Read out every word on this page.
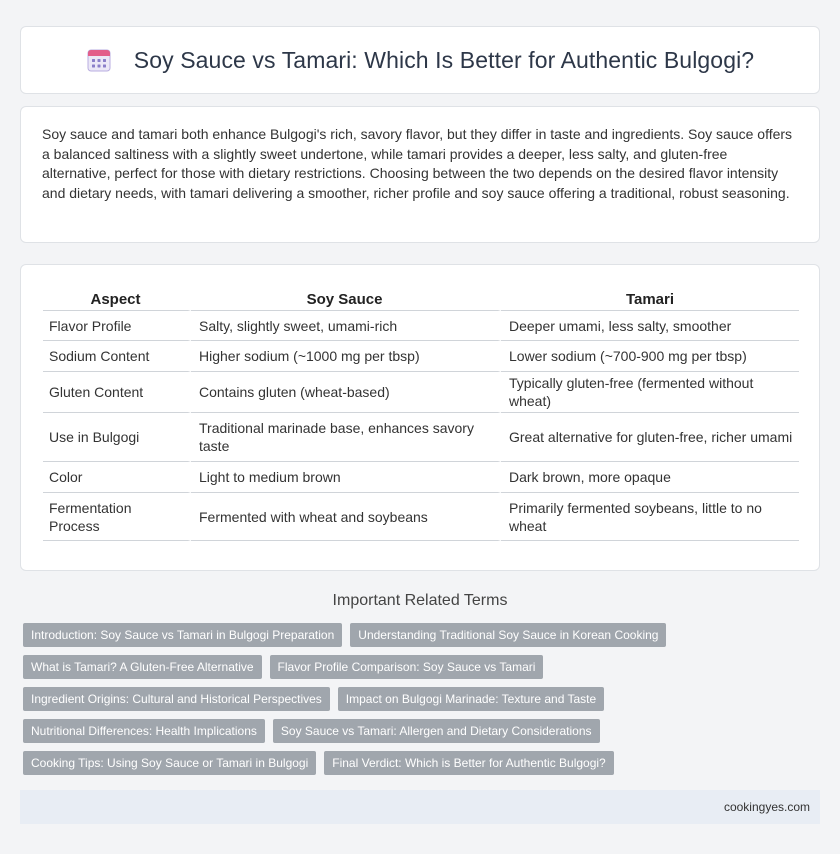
Soy Sauce vs Tamari: Which Is Better for Authentic Bulgogi?

Soy sauce and tamari both enhance Bulgogi's rich, savory flavor, but they differ in taste and ingredients. Soy sauce offers a balanced saltiness with a slightly sweet undertone, while tamari provides a deeper, less salty, and gluten-free alternative, perfect for those with dietary restrictions. Choosing between the two depends on the desired flavor intensity and dietary needs, with tamari delivering a smoother, richer profile and soy sauce offering a traditional, robust seasoning.

Aspect	Soy Sauce	Tamari
Flavor Profile	Salty, slightly sweet, umami-rich	Deeper umami, less salty, smoother
Sodium Content	Higher sodium (~1000 mg per tbsp)	Lower sodium (~700-900 mg per tbsp)
Gluten Content	Contains gluten (wheat-based)	Typically gluten-free (fermented without wheat)
Use in Bulgogi	Traditional marinade base, enhances savory taste	Great alternative for gluten-free, richer umami
Color	Light to medium brown	Dark brown, more opaque
Fermentation Process	Fermented with wheat and soybeans	Primarily fermented soybeans, little to no wheat
Important Related Terms
Introduction: Soy Sauce vs Tamari in Bulgogi Preparation	Understanding Traditional Soy Sauce in Korean Cooking
What is Tamari? A Gluten-Free Alternative	Flavor Profile Comparison: Soy Sauce vs Tamari
Ingredient Origins: Cultural and Historical Perspectives	Impact on Bulgogi Marinade: Texture and Taste
Nutritional Differences: Health Implications	Soy Sauce vs Tamari: Allergen and Dietary Considerations
Cooking Tips: Using Soy Sauce or Tamari in Bulgogi	Final Verdict: Which is Better for Authentic Bulgogi?
cookingyes.com
